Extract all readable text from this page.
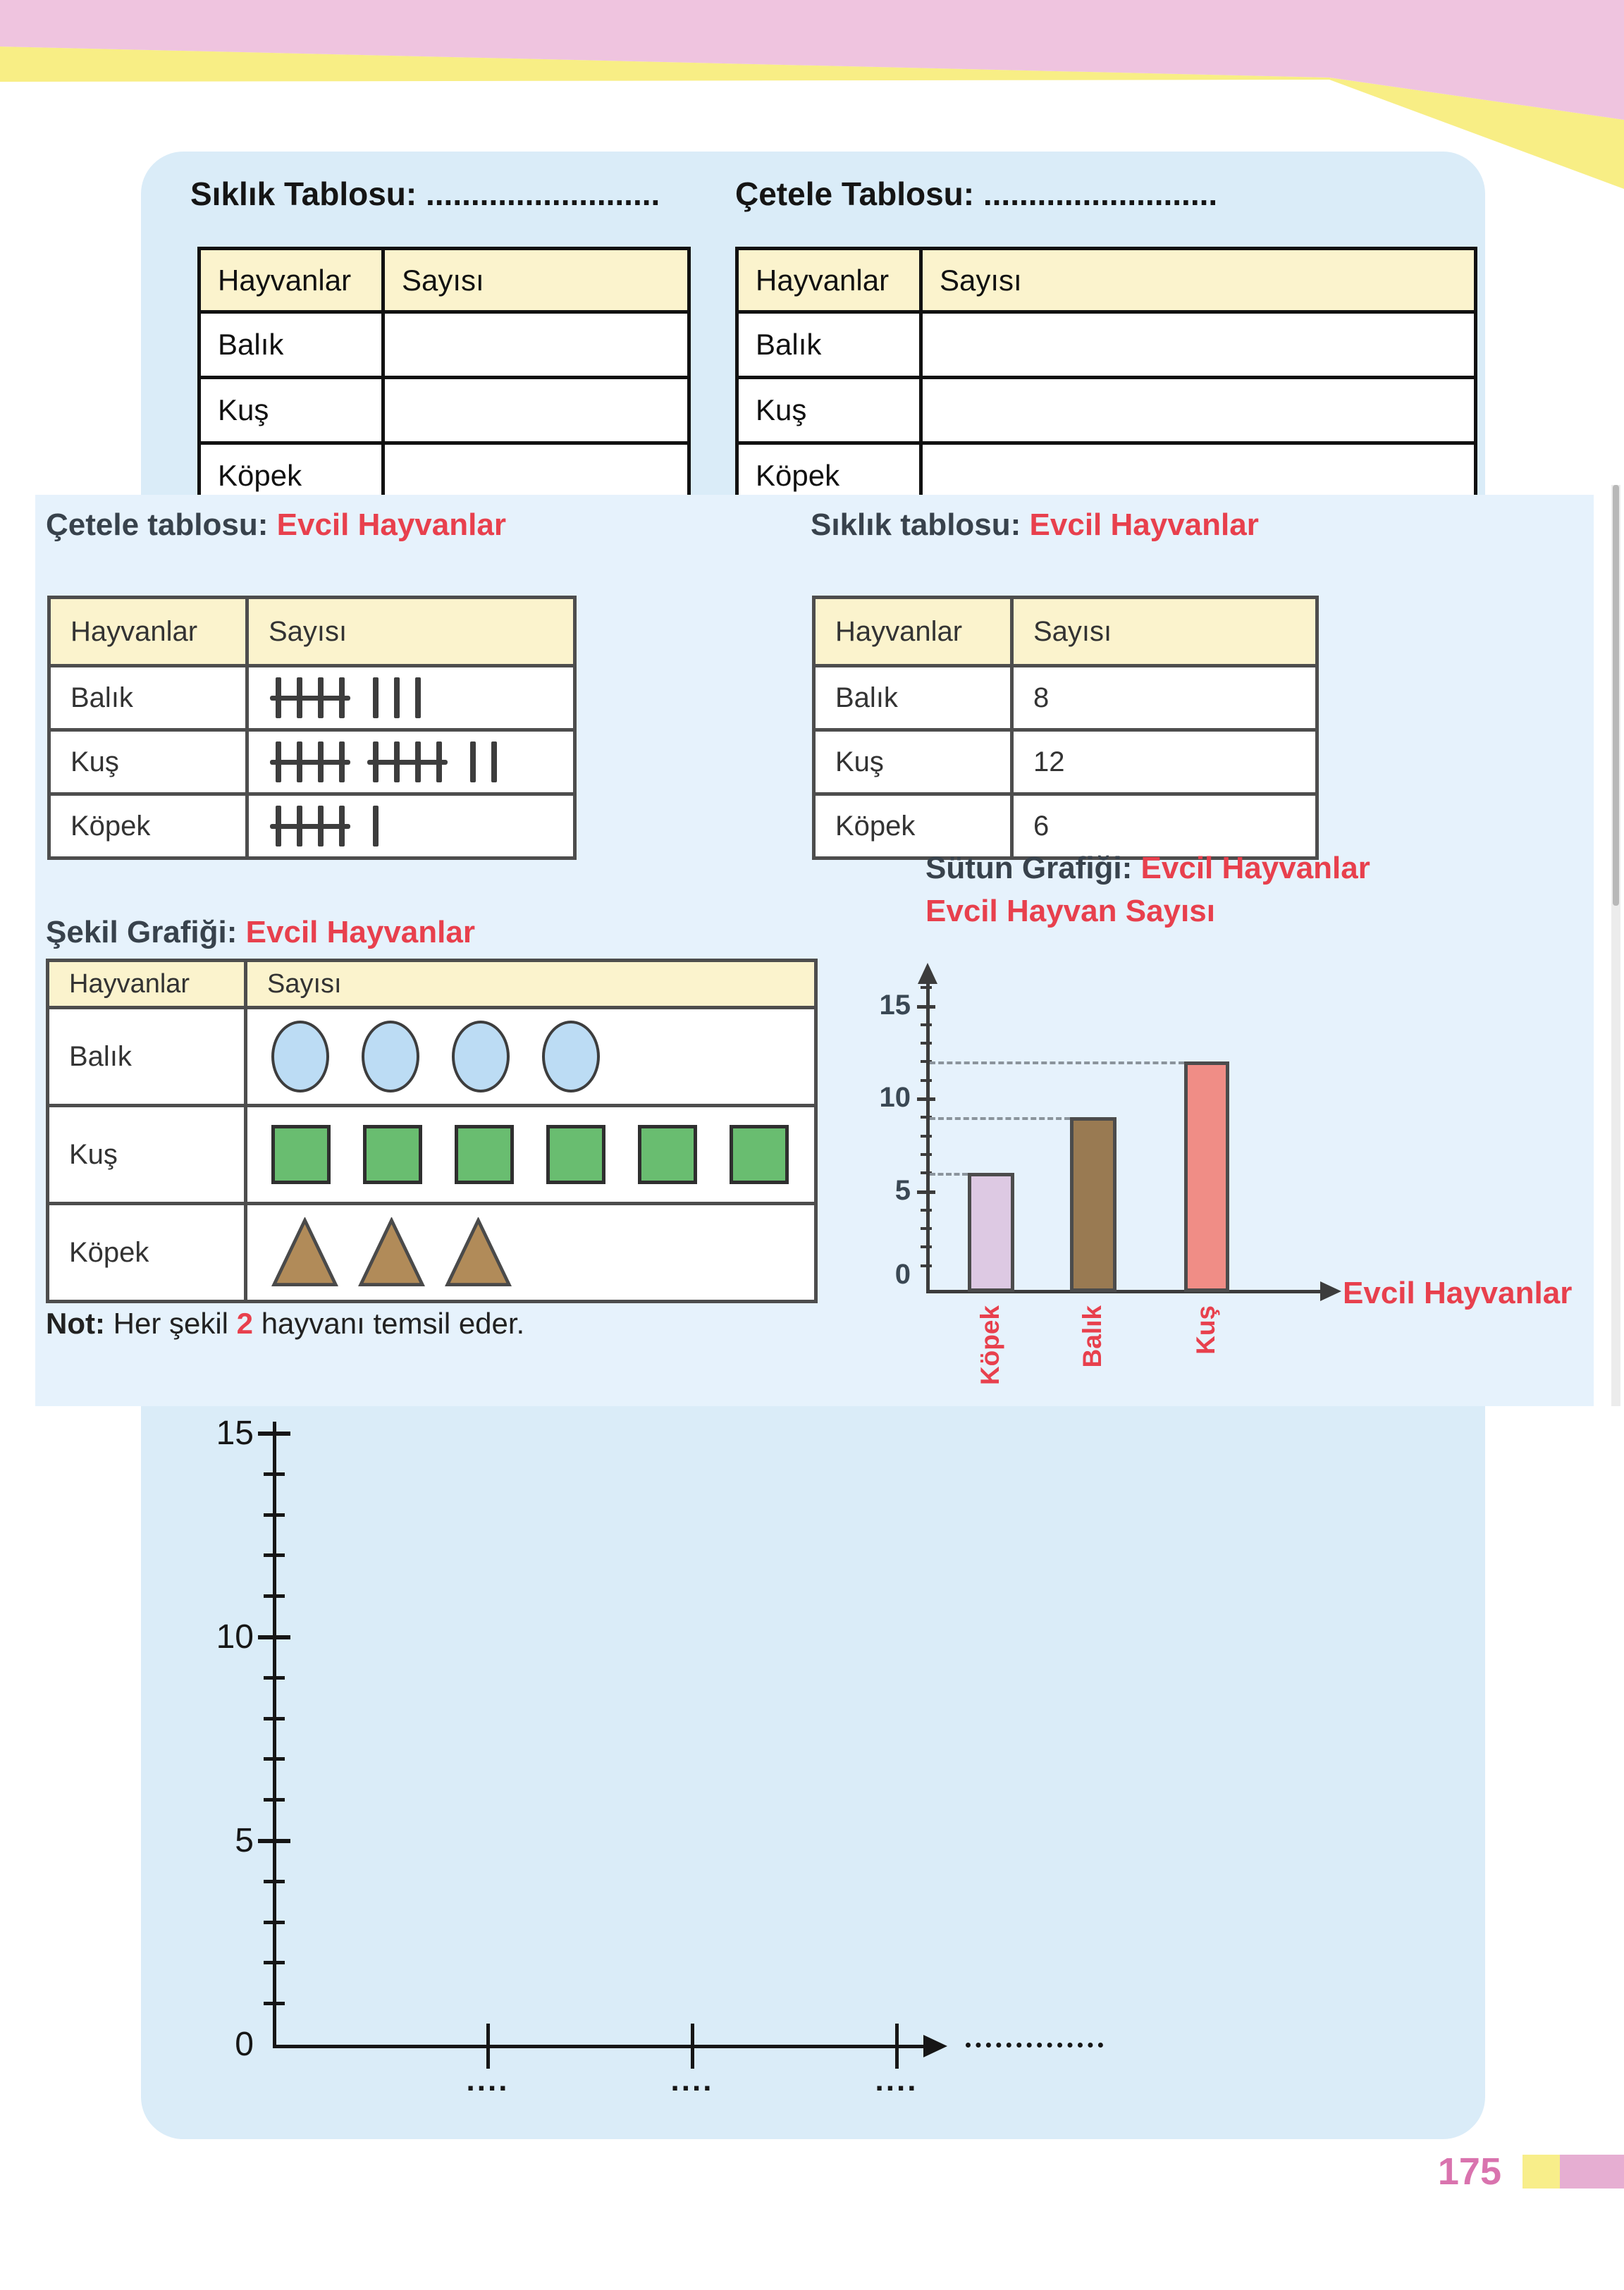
Sıklık Tablosu: .......................... Çetele Tablosu: ..........................
Hayvanlar	Sayısı
Balık
Kuş
Köpek
Hayvanlar	Sayısı
Balık
Kuş
Köpek
15
10
5
0
....	....	....
Çetele tablosu: Evcil Hayvanlar
Hayvanlar	Sayısı
Balık
Kuş
Köpek
Sıklık tablosu: Evcil Hayvanlar
Hayvanlar	Sayısı
Balık	8
Kuş	12
Köpek	6
Şekil Grafiği: Evcil Hayvanlar
Hayvanlar	Sayısı
Balık
Kuş
Köpek
Not: Her şekil 2 hayvanı temsil eder.
Sütun Grafiği: Evcil Hayvanlar
Evcil Hayvan Sayısı
Evcil Hayvanlar
0
5
10
15
Köpek	Balık	Kuş
175
